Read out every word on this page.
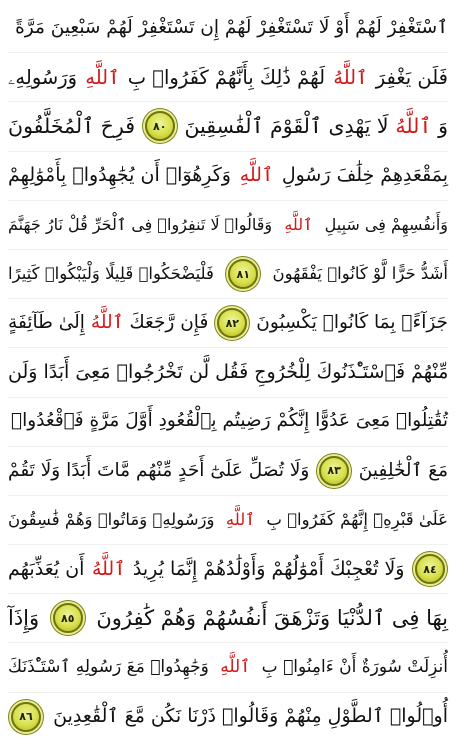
ٱسْتَغْفِرْ لَهُمْ أَوْ لَا تَسْتَغْفِرْ لَهُمْ إِن تَسْتَغْفِرْ لَهُمْ سَبْعِينَ مَرَّةً
فَلَن يَغْفِرَ
ٱللَّهُ
لَهُمْ ذَٰلِكَ بِأَنَّهُمْ كَفَرُوا۟ بِ
ٱللَّهِ
وَرَسُولِهِۦ
وَ
ٱللَّهُ
لَا يَهْدِى ٱلْقَوْمَ ٱلْفَٰسِقِينَ
٨٠
فَرِحَ ٱلْمُخَلَّفُونَ
بِمَقْعَدِهِمْ خِلَٰفَ رَسُولِ
ٱللَّهِ
وَكَرِهُوٓا۟ أَن يُجَٰهِدُوا۟ بِأَمْوَٰلِهِمْ
وَأَنفُسِهِمْ فِى سَبِيلِ
ٱللَّهِ
وَقَالُوا۟ لَا تَنفِرُوا۟ فِى ٱلْحَرِّ قُلْ نَارُ جَهَنَّمَ
أَشَدُّ حَرًّا لَّوْ كَانُوا۟ يَفْقَهُونَ
٨١
فَلْيَضْحَكُوا۟ قَلِيلًا وَلْيَبْكُوا۟ كَثِيرًا
جَزَآءًۢ بِمَا كَانُوا۟ يَكْسِبُونَ
٨٢
فَإِن رَّجَعَكَ
ٱللَّهُ
إِلَىٰ طَآئِفَةٍ
مِّنْهُمْ فَٱسْتَـْٔذَنُوكَ لِلْخُرُوجِ فَقُل لَّن تَخْرُجُوا۟ مَعِىَ أَبَدًا وَلَن
تُقَٰتِلُوا۟ مَعِىَ عَدُوًّا إِنَّكُمْ رَضِيتُم بِٱلْقُعُودِ أَوَّلَ مَرَّةٍ فَٱقْعُدُوا۟
مَعَ ٱلْخَٰلِفِينَ
٨٣
وَلَا تُصَلِّ عَلَىٰٓ أَحَدٍ مِّنْهُم مَّاتَ أَبَدًا وَلَا تَقُمْ
عَلَىٰ قَبْرِهِۦٓ إِنَّهُمْ كَفَرُوا۟ بِ
ٱللَّهِ
وَرَسُولِهِۦ وَمَاتُوا۟ وَهُمْ فَٰسِقُونَ
٨٤
وَلَا تُعْجِبْكَ أَمْوَٰلُهُمْ وَأَوْلَٰدُهُمْ إِنَّمَا يُرِيدُ
ٱللَّهُ
أَن يُعَذِّبَهُم
بِهَا فِى ٱلدُّنْيَا وَتَزْهَقَ أَنفُسُهُمْ وَهُمْ كَٰفِرُونَ
٨٥
وَإِذَآ
أُنزِلَتْ سُورَةٌ أَنْ ءَامِنُوا۟ بِ
ٱللَّهِ
وَجَٰهِدُوا۟ مَعَ رَسُولِهِ ٱسْتَـْٔذَنَكَ
أُو۟لُوا۟ ٱلطَّوْلِ مِنْهُمْ وَقَالُوا۟ ذَرْنَا نَكُن مَّعَ ٱلْقَٰعِدِينَ
٨٦
